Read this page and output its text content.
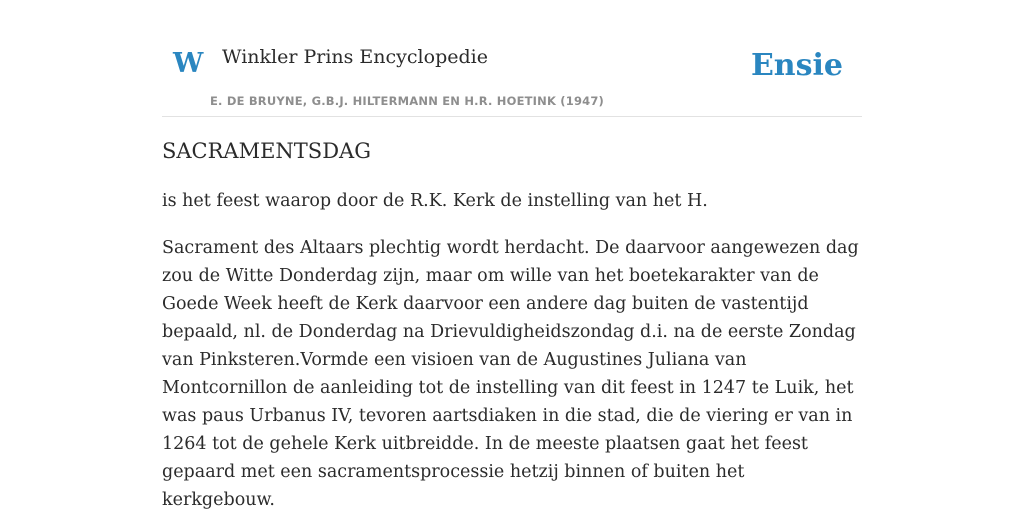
W Winkler Prins Encyclopedie
E. DE BRUYNE, G.B.J. HILTERMANN EN H.R. HOETINK (1947)
Ensie
SACRAMENTSDAG

is het feest waarop door de R.K. Kerk de instelling van het H.

Sacrament des Altaars plechtig wordt herdacht. De daarvoor aangewezen dag zou de Witte Donderdag zijn, maar om wille van het boetekarakter van de Goede Week heeft de Kerk daarvoor een andere dag buiten de vastentijd bepaald, nl. de Donderdag na Drievuldigheidszondag d.i. na de eerste Zondag van Pinksteren.Vormde een visioen van de Augustines Juliana van Montcornillon de aanleiding tot de instelling van dit feest in 1247 te Luik, het was paus Urbanus IV, tevoren aartsdiaken in die stad, die de viering er van in 1264 tot de gehele Kerk uitbreidde. In de meeste plaatsen gaat het feest gepaard met een sacramentsprocessie hetzij binnen of buiten het kerkgebouw.
